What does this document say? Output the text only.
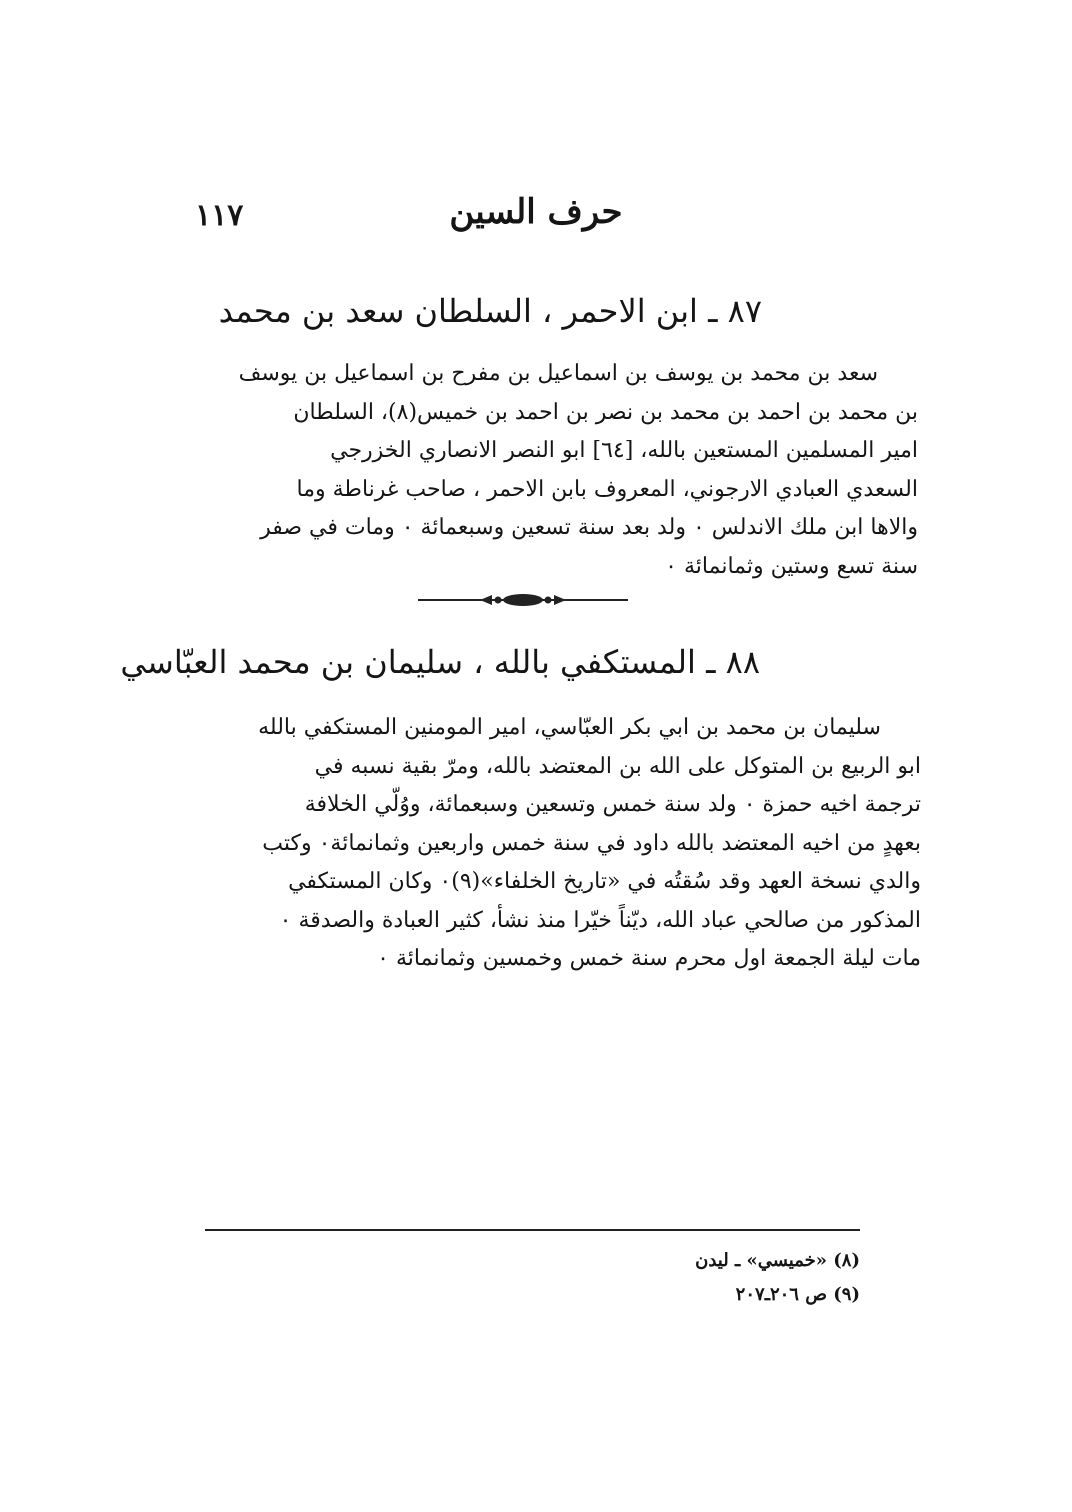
١١٧	حرف السين
٨٧ ـ ابن الاحمر ، السلطان سعد بن محمد
سعد بن محمد بن يوسف بن اسماعيل بن مفرح بن اسماعيل بن يوسف
بن محمد بن احمد بن محمد بن نصر بن احمد بن خميس(٨)، السلطان
امير المسلمين المستعين بالله، [٦٤] ابو النصر الانصاري الخزرجي
السعدي العبادي الارجوني، المعروف بابن الاحمر ، صاحب غرناطة وما
والاها ابن ملك الاندلس ٠ ولد بعد سنة تسعين وسبعمائة ٠ ومات في صفر
سنة تسع وستين وثمانمائة ٠
٨٨ ـ المستكفي بالله ، سليمان بن محمد العبّاسي
سليمان بن محمد بن ابي بكر العبّاسي، امير المومنين المستكفي بالله
ابو الربيع بن المتوكل على الله بن المعتضد بالله، ومرّ بقية نسبه في
ترجمة اخيه حمزة ٠ ولد سنة خمس وتسعين وسبعمائة، ووُلّي الخلافة
بعهدٍ من اخيه المعتضد بالله داود في سنة خمس واربعين وثمانمائة٠ وكتب
والدي نسخة العهد وقد سُقتُه في «تاريخ الخلفاء»(٩)٠ وكان المستكفي
المذكور من صالحي عباد الله، ديّناً خيّرا منذ نشأ، كثير العبادة والصدقة ٠
مات ليلة الجمعة اول محرم سنة خمس وخمسين وثمانمائة ٠
(٨) «خميسي» ـ ليدن
(٩) ص ٢٠٦ـ٢٠٧
